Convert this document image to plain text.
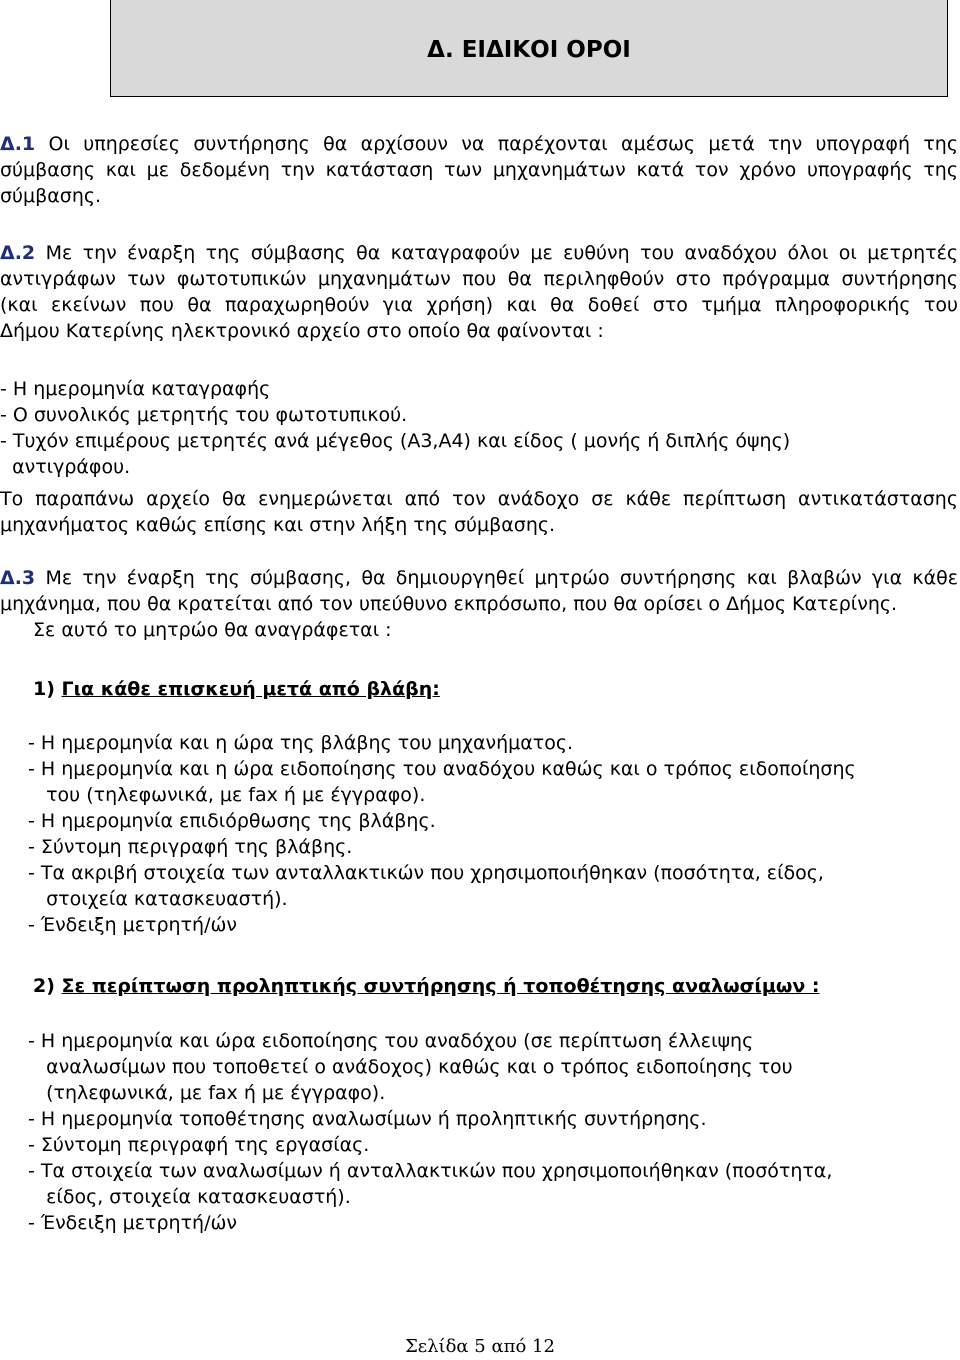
Δ. ΕΙΔΙΚΟΙ ΟΡΟΙ

Δ.1 Οι υπηρεσίες συντήρησης θα αρχίσουν να παρέχονται αμέσως μετά την υπογραφή της

σύμβασης και με δεδομένη την κατάσταση των μηχανημάτων κατά τον χρόνο υπογραφής της

σύμβασης.

Δ.2 Με την έναρξη της σύμβασης θα καταγραφούν με ευθύνη του αναδόχου όλοι οι μετρητές

αντιγράφων των φωτοτυπικών μηχανημάτων που θα περιληφθούν στο πρόγραμμα συντήρησης

(και εκείνων που θα παραχωρηθούν για χρήση) και θα δοθεί στο τμήμα πληροφορικής του

Δήμου Κατερίνης ηλεκτρονικό αρχείο στο οποίο θα φαίνονται :

- Η ημερομηνία καταγραφής

- Ο συνολικός μετρητής του φωτοτυπικού.

- Τυχόν επιμέρους μετρητές ανά μέγεθος (Α3,Α4) και είδος ( μονής ή διπλής όψης)

αντιγράφου.

Το παραπάνω αρχείο θα ενημερώνεται από τον ανάδοχο σε κάθε περίπτωση αντικατάστασης

μηχανήματος καθώς επίσης και στην λήξη της σύμβασης.

Δ.3 Με την έναρξη της σύμβασης, θα δημιουργηθεί μητρώο συντήρησης και βλαβών για κάθε

μηχάνημα, που θα κρατείται από τον υπεύθυνο εκπρόσωπο, που θα ορίσει ο Δήμος Κατερίνης.

Σε αυτό το μητρώο θα αναγράφεται :

1) Για κάθε επισκευή μετά από βλάβη:

- Η ημερομηνία και η ώρα της βλάβης του μηχανήματος.

- Η ημερομηνία και η ώρα ειδοποίησης του αναδόχου καθώς και ο τρόπος ειδοποίησης

του (τηλεφωνικά, με fax ή με έγγραφο).

- Η ημερομηνία επιδιόρθωσης της βλάβης.

- Σύντομη περιγραφή της βλάβης.

- Τα ακριβή στοιχεία των ανταλλακτικών που χρησιμοποιήθηκαν (ποσότητα, είδος,

στοιχεία κατασκευαστή).

- Ένδειξη μετρητή/ών

2) Σε περίπτωση προληπτικής συντήρησης ή τοποθέτησης αναλωσίμων :

- Η ημερομηνία και ώρα ειδοποίησης του αναδόχου (σε περίπτωση έλλειψης

αναλωσίμων που τοποθετεί ο ανάδοχος) καθώς και ο τρόπος ειδοποίησης του

(τηλεφωνικά, με fax ή με έγγραφο).

- Η ημερομηνία τοποθέτησης αναλωσίμων ή προληπτικής συντήρησης.

- Σύντομη περιγραφή της εργασίας.

- Τα στοιχεία των αναλωσίμων ή ανταλλακτικών που χρησιμοποιήθηκαν (ποσότητα,

είδος, στοιχεία κατασκευαστή).

- Ένδειξη μετρητή/ών

Σελίδα 5 από 12
